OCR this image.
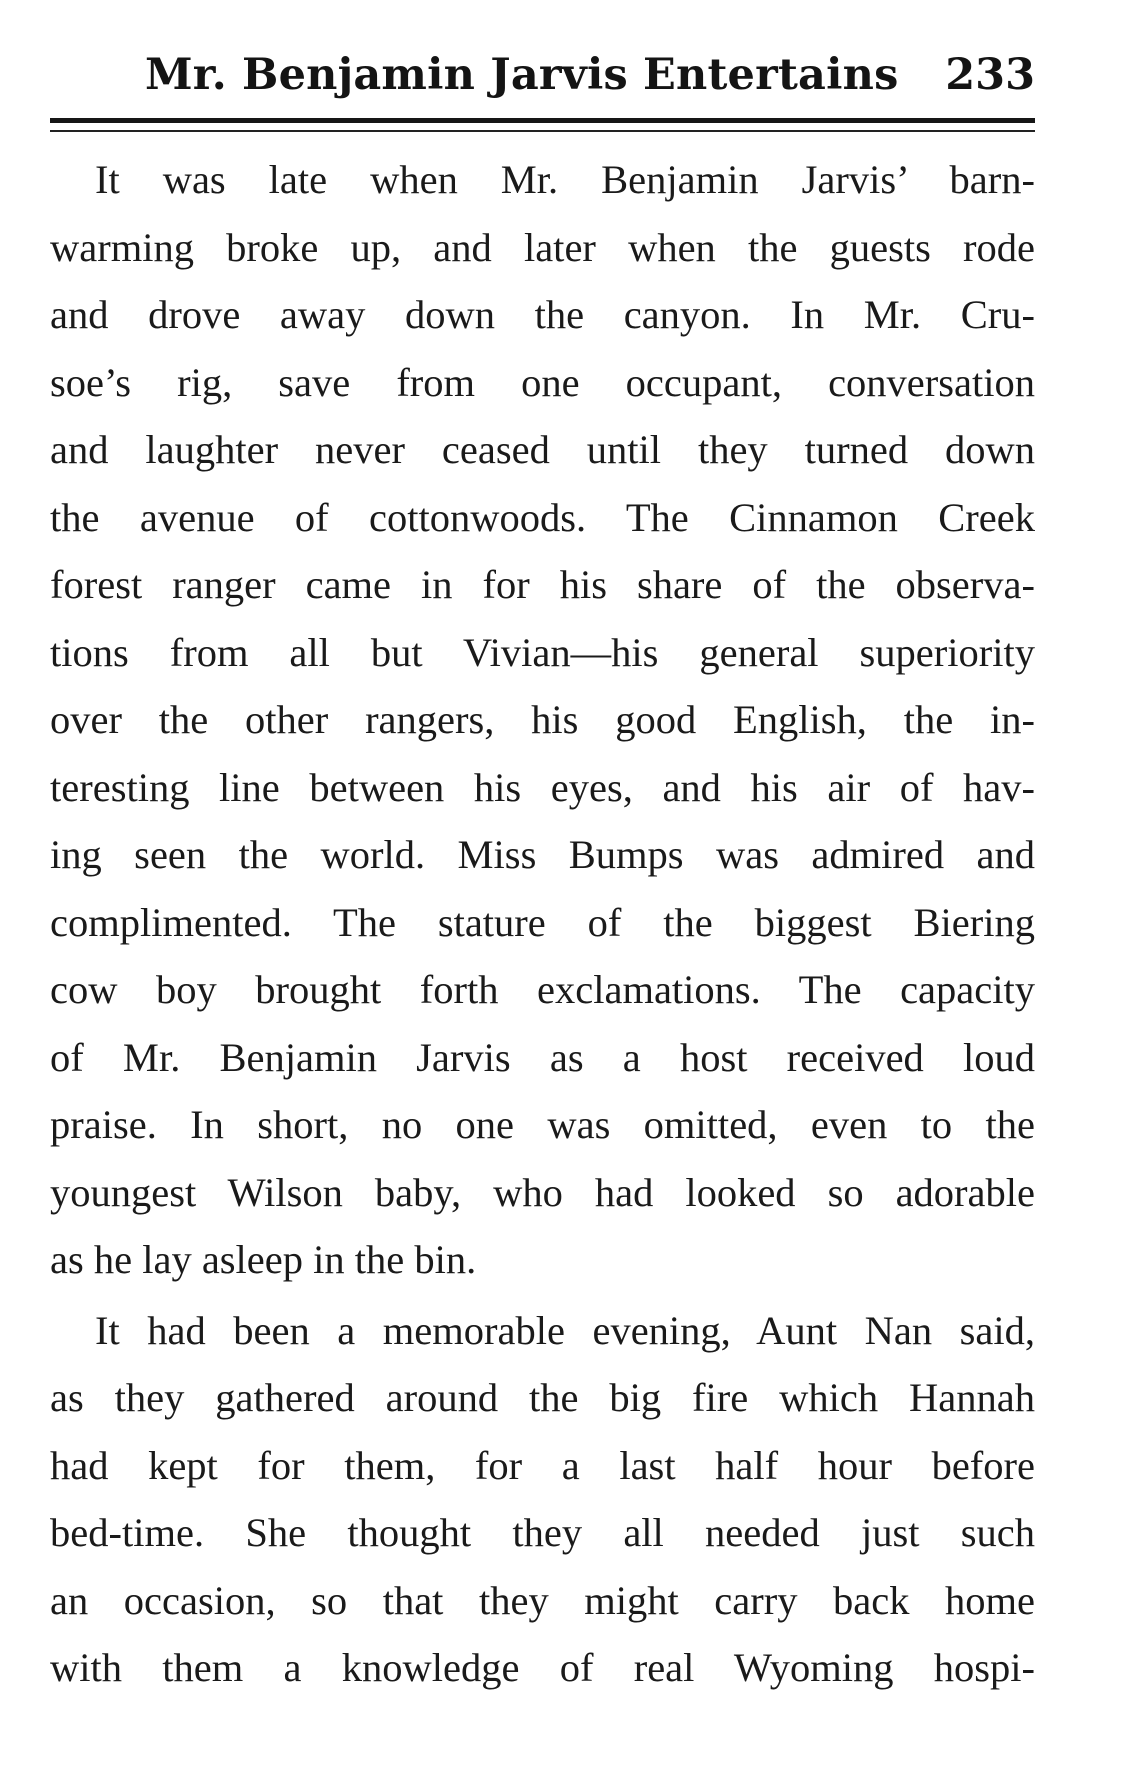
Mr. Benjamin Jarvis Entertains 233
It was late when Mr. Benjamin Jarvis’ barn-
warming broke up, and later when the guests rode
and drove away down the canyon. In Mr. Cru-
soe’s rig, save from one occupant, conversation
and laughter never ceased until they turned down
the avenue of cottonwoods. The Cinnamon Creek
forest ranger came in for his share of the observa-
tions from all but Vivian—his general superiority
over the other rangers, his good English, the in-
teresting line between his eyes, and his air of hav-
ing seen the world. Miss Bumps was admired and
complimented. The stature of the biggest Biering
cow boy brought forth exclamations. The capacity
of Mr. Benjamin Jarvis as a host received loud
praise. In short, no one was omitted, even to the
youngest Wilson baby, who had looked so adorable
as he lay asleep in the bin.
It had been a memorable evening, Aunt Nan said,
as they gathered around the big fire which Hannah
had kept for them, for a last half hour before
bed-time. She thought they all needed just such
an occasion, so that they might carry back home
with them a knowledge of real Wyoming hospi-
